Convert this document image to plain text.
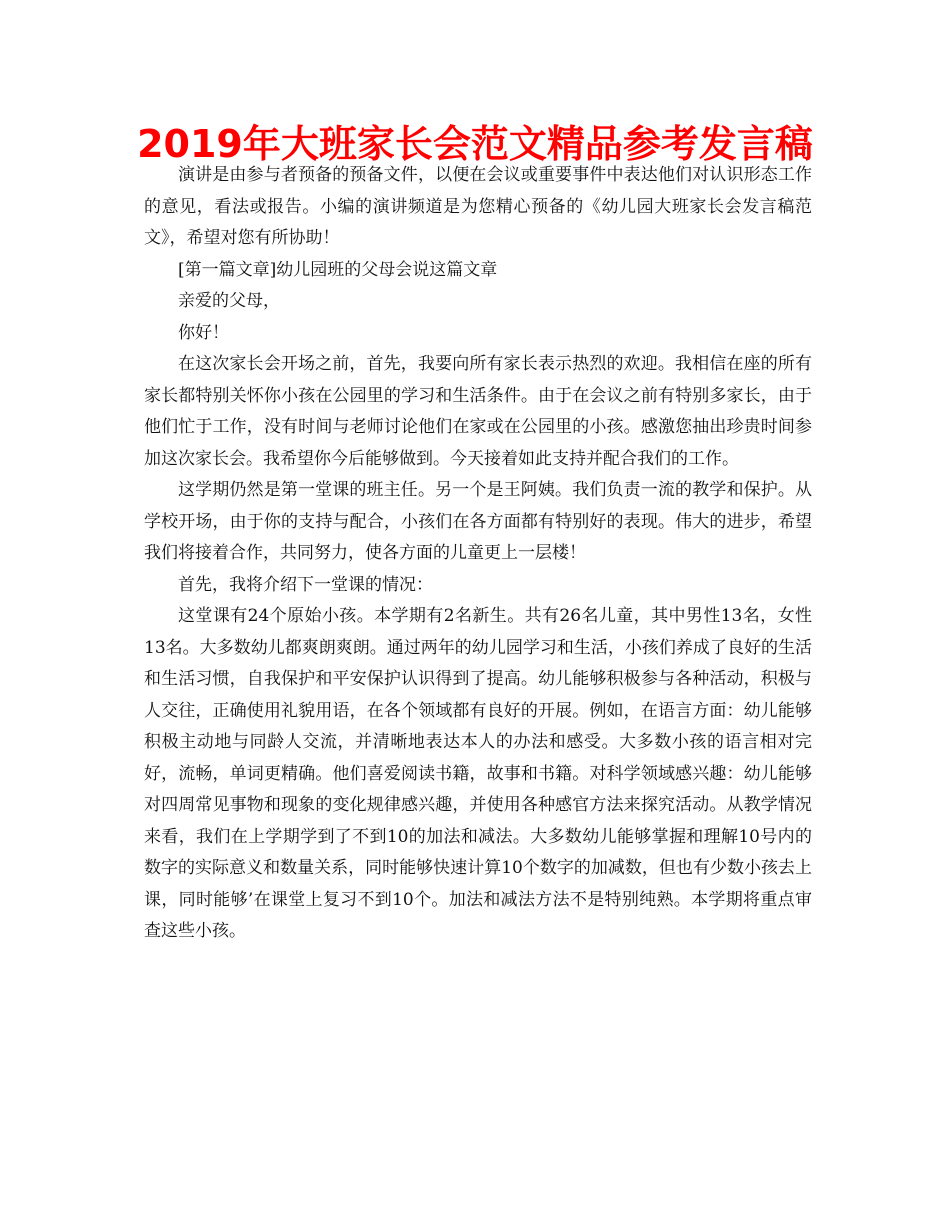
2019年大班家长会范文精品参考发言稿

演讲是由参与者预备的预备文件，以便在会议或重要事件中表达他们对认识形态工作的意见，看法或报告。小编的演讲频道是为您精心预备的《幼儿园大班家长会发言稿范文》，希望对您有所协助！

[第一篇文章]幼儿园班的父母会说这篇文章

亲爱的父母，

你好！

在这次家长会开场之前，首先，我要向所有家长表示热烈的欢迎。我相信在座的所有家长都特别关怀你小孩在公园里的学习和生活条件。由于在会议之前有特别多家长，由于他们忙于工作，没有时间与老师讨论他们在家或在公园里的小孩。感激您抽出珍贵时间参加这次家长会。我希望你今后能够做到。今天接着如此支持并配合我们的工作。

这学期仍然是第一堂课的班主任。另一个是王阿姨。我们负责一流的教学和保护。从学校开场，由于你的支持与配合，小孩们在各方面都有特别好的表现。伟大的进步，希望我们将接着合作，共同努力，使各方面的儿童更上一层楼！

首先，我将介绍下一堂课的情况：

这堂课有24个原始小孩。本学期有2名新生。共有26名儿童，其中男性13名，女性13名。大多数幼儿都爽朗爽朗。通过两年的幼儿园学习和生活，小孩们养成了良好的生活和生活习惯，自我保护和平安保护认识得到了提高。幼儿能够积极参与各种活动，积极与人交往，正确使用礼貌用语，在各个领域都有良好的开展。例如，在语言方面：幼儿能够积极主动地与同龄人交流，并清晰地表达本人的办法和感受。大多数小孩的语言相对完好，流畅，单词更精确。他们喜爱阅读书籍，故事和书籍。对科学领域感兴趣：幼儿能够对四周常见事物和现象的变化规律感兴趣，并使用各种感官方法来探究活动。从教学情况来看，我们在上学期学到了不到10的加法和减法。大多数幼儿能够掌握和理解10号内的数字的实际意义和数量关系，同时能够快速计算10个数字的加减数，但也有少数小孩去上课，同时能够’在课堂上复习不到10个。加法和减法方法不是特别纯熟。本学期将重点审查这些小孩。
